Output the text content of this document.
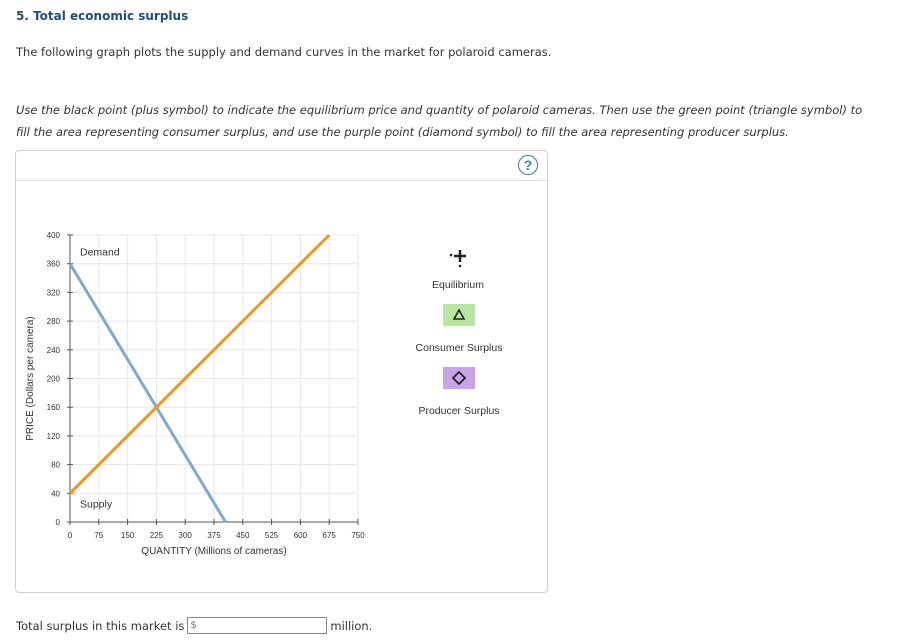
5. Total economic surplus
The following graph plots the supply and demand curves in the market for polaroid cameras.
Use the black point (plus symbol) to indicate the equilibrium price and quantity of polaroid cameras. Then use the green point (triangle symbol) to fill the area representing consumer surplus, and use the purple point (diamond symbol) to fill the area representing producer surplus.
?
0	75 150 225 300 375 450 525 600 675 750
0
40
80
120
160
200
240
280
320
360
400
Demand
Supply
QUANTITY (Millions of cameras)
PRICE (Dollars per camera)
Equilibrium
Consumer Surplus
Producer Surplus
Total surplus in this market is
$	million.
